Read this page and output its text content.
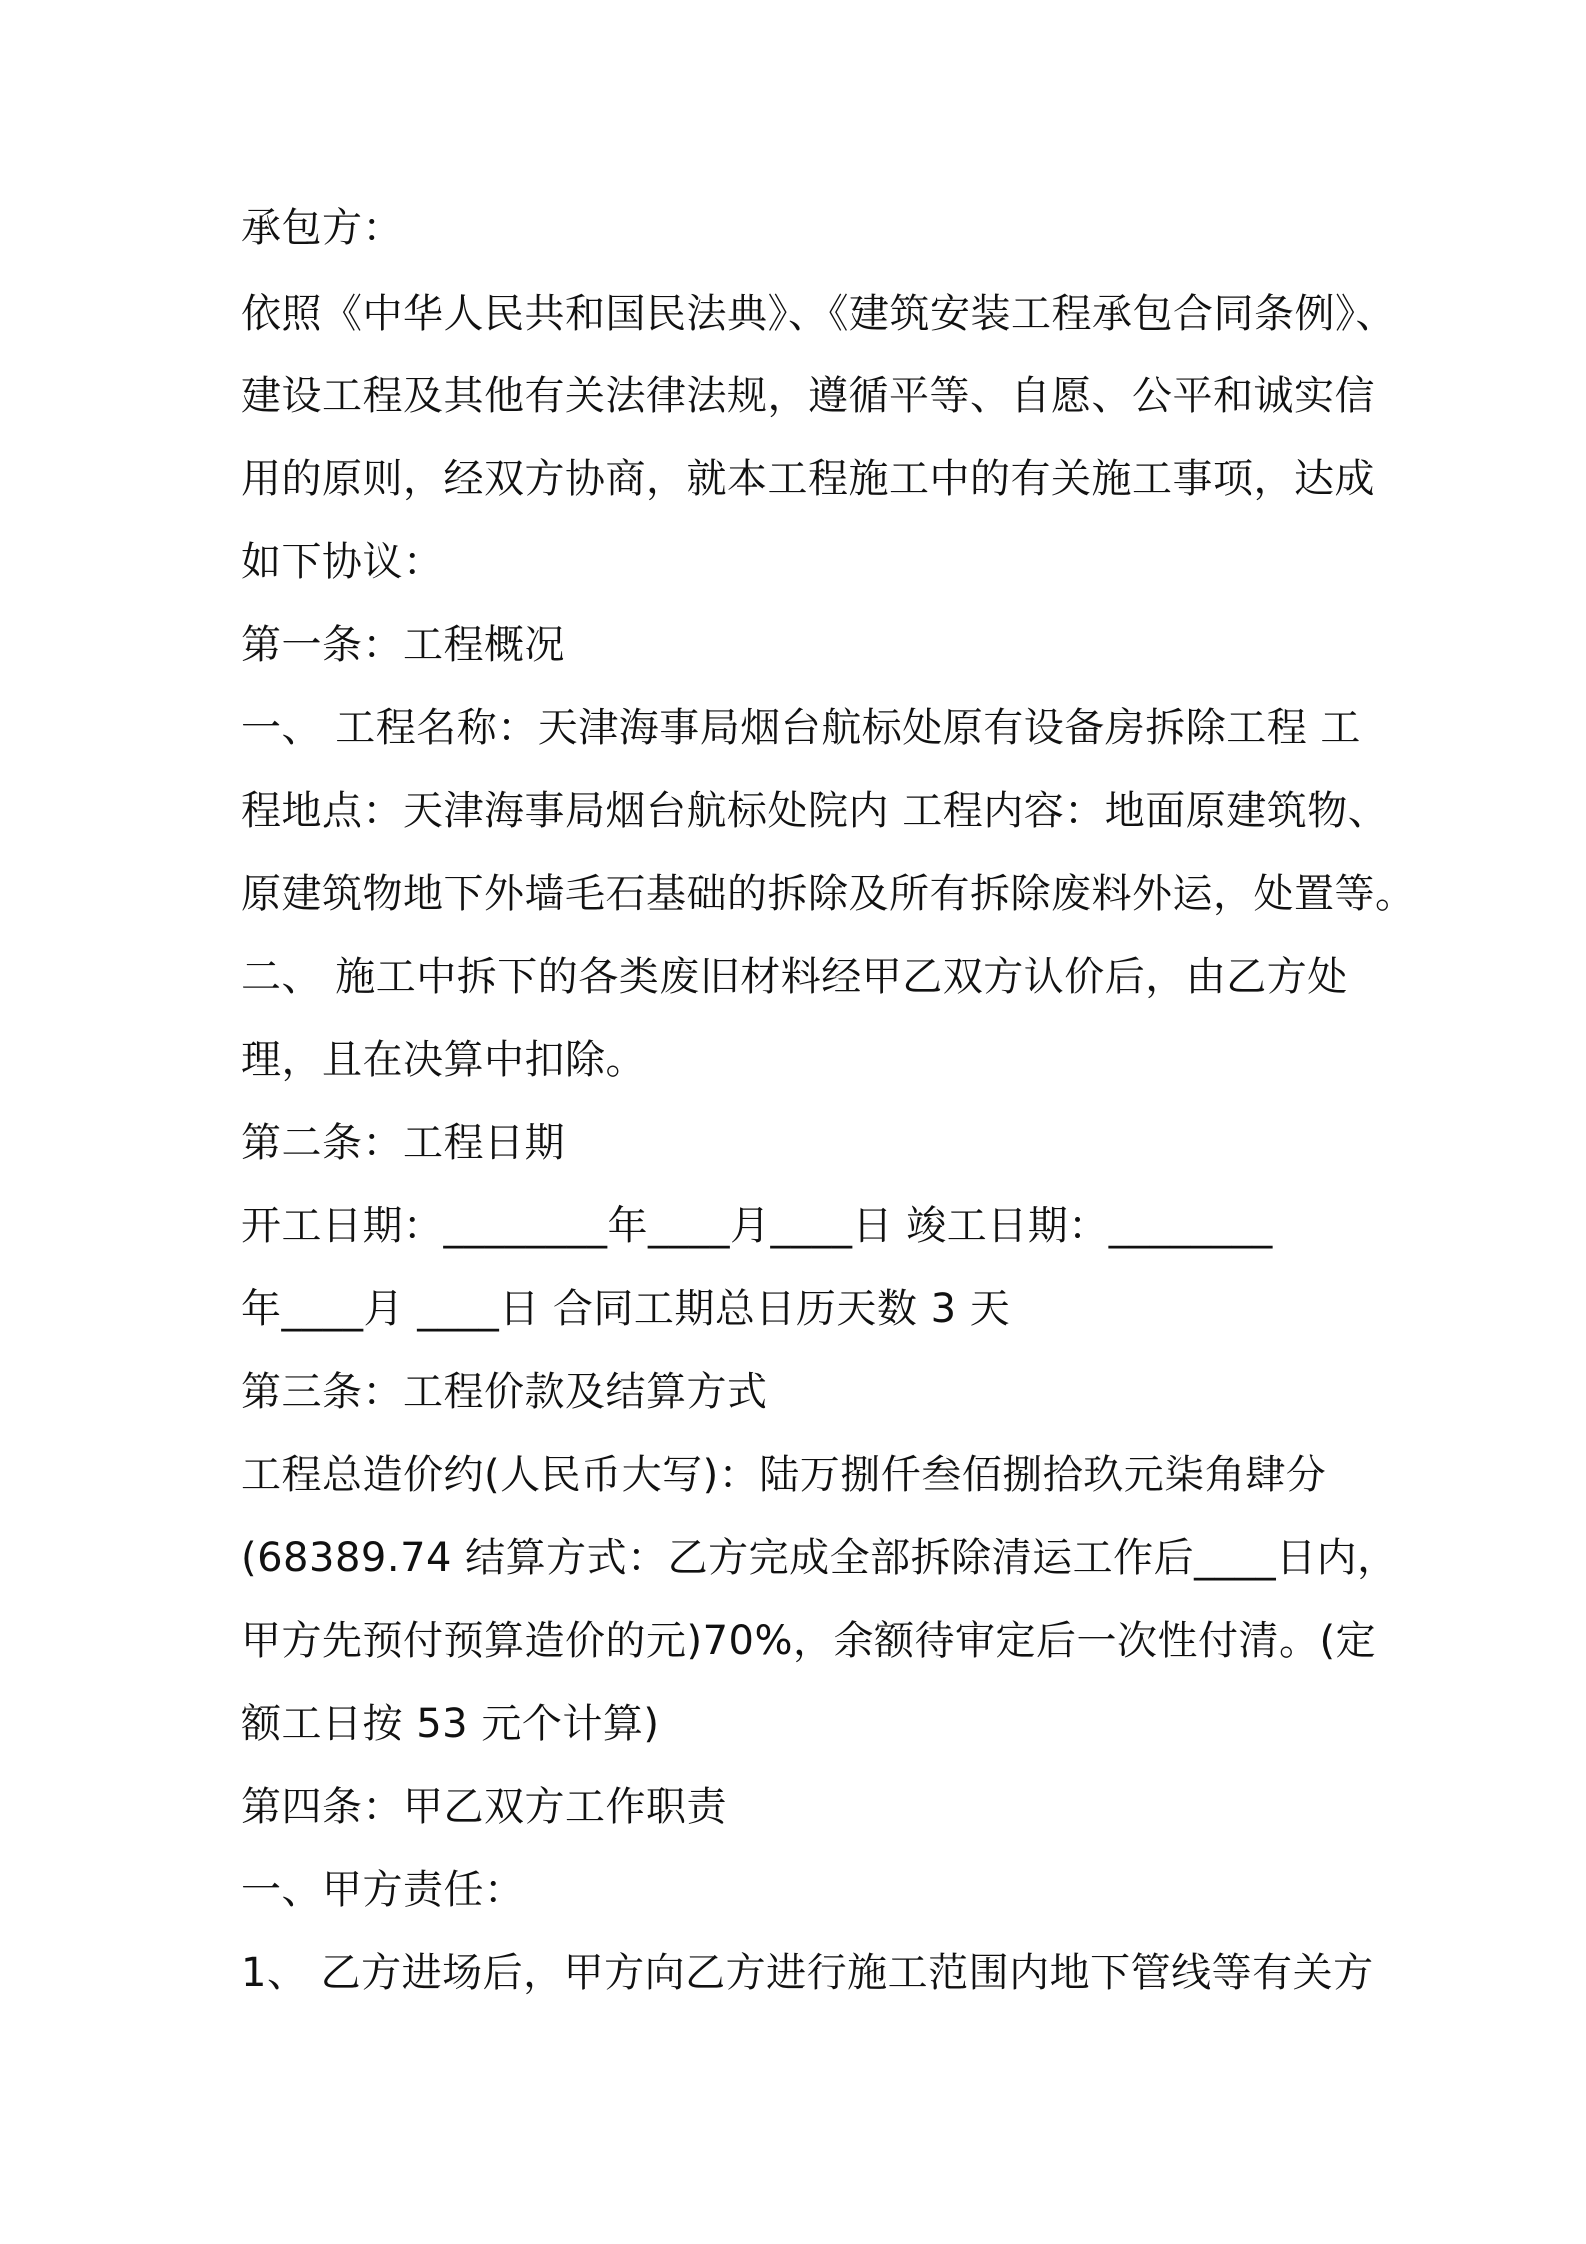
承包方：
依照《中华人民共和国民法典》、《建筑安装工程承包合同条例》、
建设工程及其他有关法律法规，遵循平等、自愿、公平和诚实信
用的原则，经双方协商，就本工程施工中的有关施工事项，达成
如下协议：
第一条：工程概况
一、 工程名称：天津海事局烟台航标处原有设备房拆除工程 工
程地点：天津海事局烟台航标处院内 工程内容：地面原建筑物、
原建筑物地下外墙毛石基础的拆除及所有拆除废料外运，处置等。
二、 施工中拆下的各类废旧材料经甲乙双方认价后，由乙方处
理，且在决算中扣除。
第二条：工程日期
开工日期：________年____月____日 竣工日期：________
年____月 ____日 合同工期总日历天数 3 天
第三条：工程价款及结算方式
工程总造价约(人民币大写)：陆万捌仟叁佰捌拾玖元柒角肆分
(68389.74 结算方式：乙方完成全部拆除清运工作后____日内，
甲方先预付预算造价的元)70%，余额待审定后一次性付清。(定
额工日按 53 元个计算)
第四条：甲乙双方工作职责
一、甲方责任：
1、 乙方进场后，甲方向乙方进行施工范围内地下管线等有关方
